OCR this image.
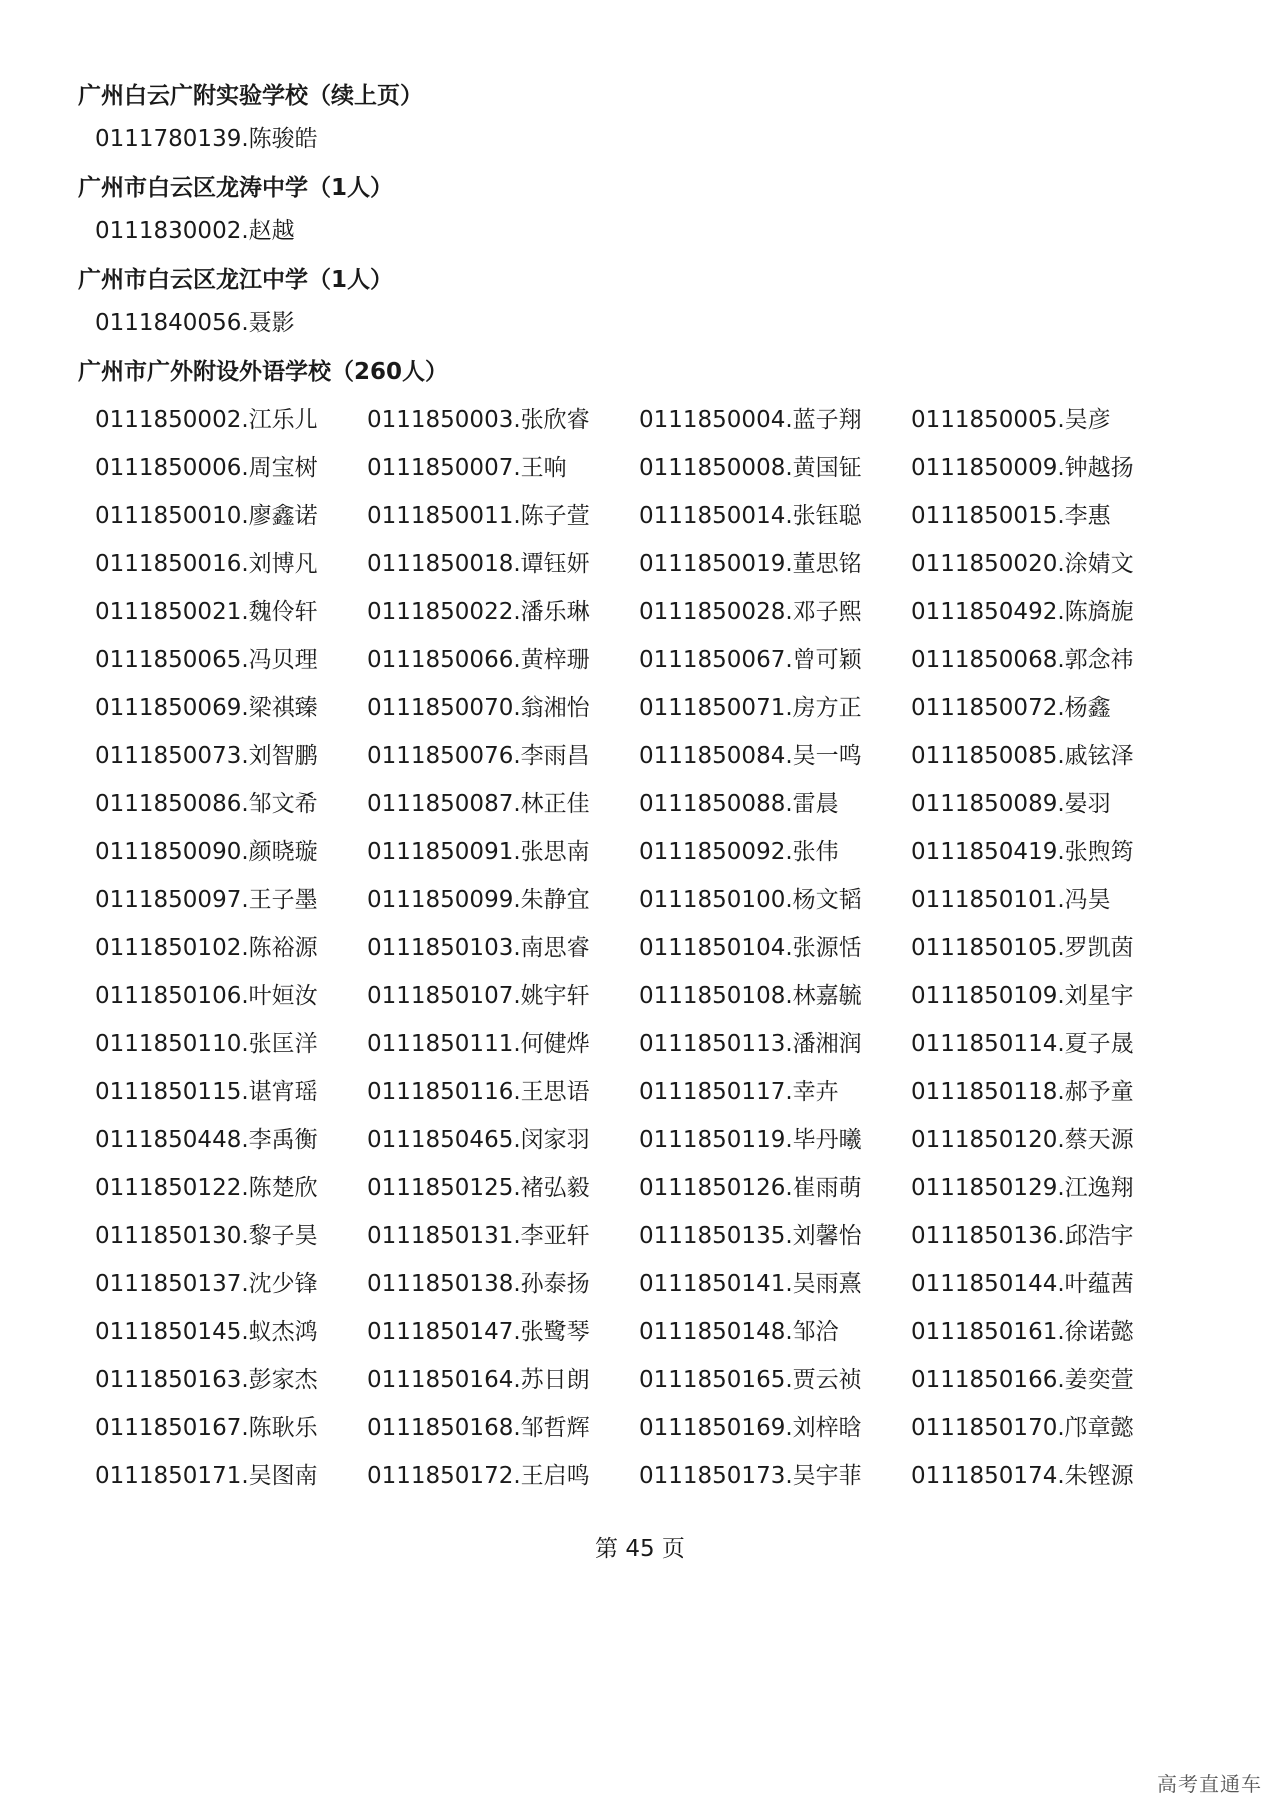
广州白云广附实验学校（续上页）
0111780139.陈骏皓
广州市白云区龙涛中学（1人）
0111830002.赵越
广州市白云区龙江中学（1人）
0111840056.聂影
广州市广外附设外语学校（260人）
0111850002.江乐儿	0111850003.张欣睿	0111850004.蓝子翔	0111850005.吴彦
0111850006.周宝树	0111850007.王响	0111850008.黄国钲	0111850009.钟越扬
0111850010.廖鑫诺	0111850011.陈子萱	0111850014.张钰聪	0111850015.李惠
0111850016.刘博凡	0111850018.谭钰妍	0111850019.董思铭	0111850020.涂婧文
0111850021.魏伶轩	0111850022.潘乐琳	0111850028.邓子熙	0111850492.陈旖旎
0111850065.冯贝理	0111850066.黄梓珊	0111850067.曾可颖	0111850068.郭念祎
0111850069.梁祺臻	0111850070.翁湘怡	0111850071.房方正	0111850072.杨鑫
0111850073.刘智鹏	0111850076.李雨昌	0111850084.吴一鸣	0111850085.戚铉泽
0111850086.邹文希	0111850087.林正佳	0111850088.雷晨	0111850089.晏羽
0111850090.颜晓璇	0111850091.张思南	0111850092.张伟	0111850419.张煦筠
0111850097.王子墨	0111850099.朱静宜	0111850100.杨文韬	0111850101.冯昊
0111850102.陈裕源	0111850103.南思睿	0111850104.张源恬	0111850105.罗凯茵
0111850106.叶姮汝	0111850107.姚宇轩	0111850108.林嘉毓	0111850109.刘星宇
0111850110.张匡洋	0111850111.何健烨	0111850113.潘湘润	0111850114.夏子晟
0111850115.谌宵瑶	0111850116.王思语	0111850117.幸卉	0111850118.郝予童
0111850448.李禹衡	0111850465.闵家羽	0111850119.毕丹曦	0111850120.蔡天源
0111850122.陈楚欣	0111850125.褚弘毅	0111850126.崔雨萌	0111850129.江逸翔
0111850130.黎子昊	0111850131.李亚轩	0111850135.刘馨怡	0111850136.邱浩宇
0111850137.沈少锋	0111850138.孙泰扬	0111850141.吴雨熹	0111850144.叶蕴茜
0111850145.蚁杰鸿	0111850147.张鹭琴	0111850148.邹洽	0111850161.徐诺懿
0111850163.彭家杰	0111850164.苏日朗	0111850165.贾云祯	0111850166.姜奕萱
0111850167.陈耿乐	0111850168.邹哲辉	0111850169.刘梓晗	0111850170.邝章懿
0111850171.吴图南	0111850172.王启鸣	0111850173.吴宇菲	0111850174.朱铿源
第 45 页
高考直通车
